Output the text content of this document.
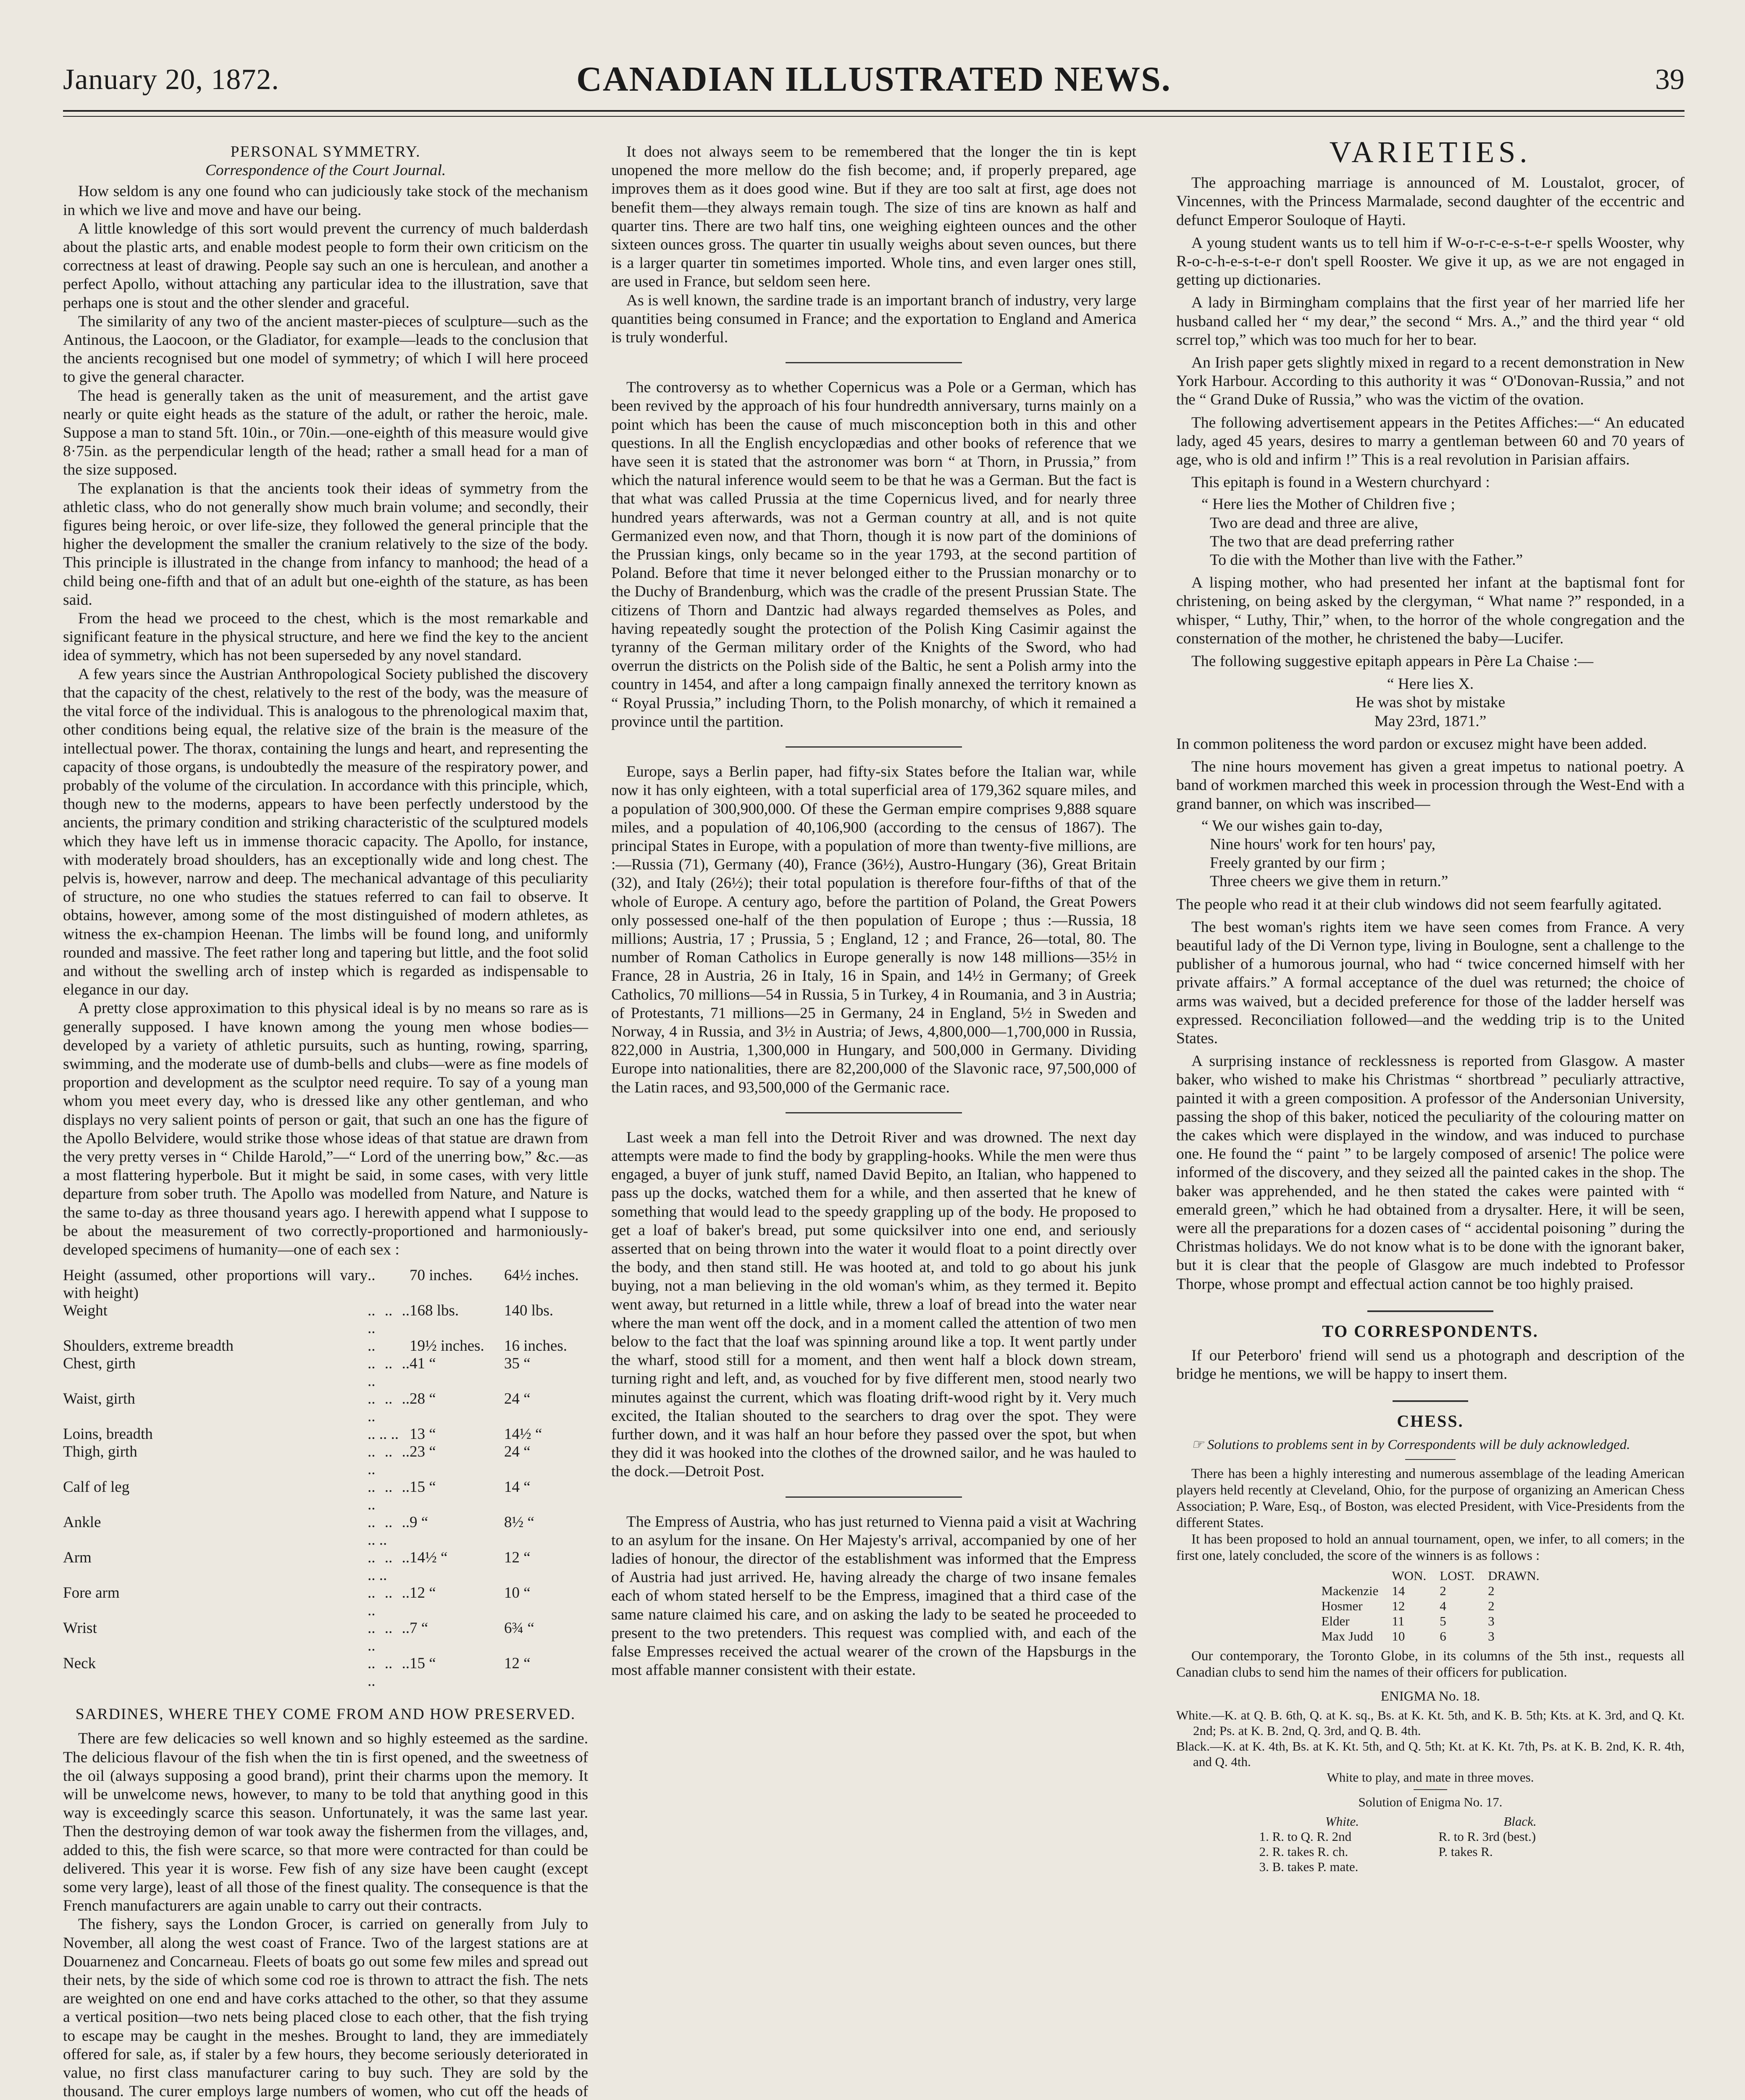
January 20, 1872.	CANADIAN ILLUSTRATED NEWS.	39
PERSONAL SYMMETRY.
Correspondence of the Court Journal.

How seldom is any one found who can judiciously take stock of the mechanism in which we live and move and have our being.

A little knowledge of this sort would prevent the currency of much balderdash about the plastic arts, and enable modest people to form their own criticism on the correctness at least of drawing. People say such an one is herculean, and another a perfect Apollo, without attaching any particular idea to the illustration, save that perhaps one is stout and the other slender and graceful.

The similarity of any two of the ancient master-pieces of sculpture—such as the Antinous, the Laocoon, or the Gladiator, for example—leads to the conclusion that the ancients recognised but one model of symmetry; of which I will here proceed to give the general character.

The head is generally taken as the unit of measurement, and the artist gave nearly or quite eight heads as the stature of the adult, or rather the heroic, male. Suppose a man to stand 5ft. 10in., or 70in.—one-eighth of this measure would give 8·75in. as the perpendicular length of the head; rather a small head for a man of the size supposed.

The explanation is that the ancients took their ideas of symmetry from the athletic class, who do not generally show much brain volume; and secondly, their figures being heroic, or over life-size, they followed the general principle that the higher the development the smaller the cranium relatively to the size of the body. This principle is illustrated in the change from infancy to manhood; the head of a child being one-fifth and that of an adult but one-eighth of the stature, as has been said.

From the head we proceed to the chest, which is the most remarkable and significant feature in the physical structure, and here we find the key to the ancient idea of symmetry, which has not been superseded by any novel standard.

A few years since the Austrian Anthropological Society published the discovery that the capacity of the chest, relatively to the rest of the body, was the measure of the vital force of the individual. This is analogous to the phrenological maxim that, other conditions being equal, the relative size of the brain is the measure of the intellectual power. The thorax, containing the lungs and heart, and representing the capacity of those organs, is undoubtedly the measure of the respiratory power, and probably of the volume of the circulation. In accordance with this principle, which, though new to the moderns, appears to have been perfectly understood by the ancients, the primary condition and striking characteristic of the sculptured models which they have left us in immense thoracic capacity. The Apollo, for instance, with moderately broad shoulders, has an exceptionally wide and long chest. The pelvis is, however, narrow and deep. The mechanical advantage of this peculiarity of structure, no one who studies the statues referred to can fail to observe. It obtains, however, among some of the most distinguished of modern athletes, as witness the ex-champion Heenan. The limbs will be found long, and uniformly rounded and massive. The feet rather long and tapering but little, and the foot solid and without the swelling arch of instep which is regarded as indispensable to elegance in our day.

A pretty close approximation to this physical ideal is by no means so rare as is generally supposed. I have known among the young men whose bodies—developed by a variety of athletic pursuits, such as hunting, rowing, sparring, swimming, and the moderate use of dumb-bells and clubs—were as fine models of proportion and development as the sculptor need require. To say of a young man whom you meet every day, who is dressed like any other gentleman, and who displays no very salient points of person or gait, that such an one has the figure of the Apollo Belvidere, would strike those whose ideas of that statue are drawn from the very pretty verses in “ Childe Harold,”—“ Lord of the unerring bow,” &c.—as a most flattering hyperbole. But it might be said, in some cases, with very little departure from sober truth. The Apollo was modelled from Nature, and Nature is the same to-day as three thousand years ago. I herewith append what I suppose to be about the measurement of two correctly-proportioned and harmoniously-developed specimens of humanity—one of each sex :

Height (assumed, other proportions will vary with height)	..	70 inches.	64½ inches.
Weight	.. .. .. ..	168 lbs.	140 lbs.
Shoulders, extreme breadth	..	19½ inches.	16 inches.
Chest, girth	.. .. .. ..	41 “	35 “
Waist, girth	.. .. .. ..	28 “	24 “
Loins, breadth	.. .. ..	13 “	14½ “
Thigh, girth	.. .. .. ..	23 “	24 “
Calf of leg	.. .. .. ..	15 “	14 “
Ankle	.. .. .. .. ..	9 “	8½ “
Arm	.. .. .. .. ..	14½ “	12 “
Fore arm	.. .. .. ..	12 “	10 “
Wrist	.. .. .. ..	7 “	6¾ “
Neck	.. .. .. ..	15 “	12 “
SARDINES, WHERE THEY COME FROM AND HOW PRESERVED.

There are few delicacies so well known and so highly esteemed as the sardine. The delicious flavour of the fish when the tin is first opened, and the sweetness of the oil (always supposing a good brand), print their charms upon the memory. It will be unwelcome news, however, to many to be told that anything good in this way is exceedingly scarce this season. Unfortunately, it was the same last year. Then the destroying demon of war took away the fishermen from the villages, and, added to this, the fish were scarce, so that more were contracted for than could be delivered. This year it is worse. Few fish of any size have been caught (except some very large), least of all those of the finest quality. The consequence is that the French manufacturers are again unable to carry out their contracts.

The fishery, says the London Grocer, is carried on generally from July to November, all along the west coast of France. Two of the largest stations are at Douarnenez and Concarneau. Fleets of boats go out some few miles and spread out their nets, by the side of which some cod roe is thrown to attract the fish. The nets are weighted on one end and have corks attached to the other, so that they assume a vertical position—two nets being placed close to each other, that the fish trying to escape may be caught in the meshes. Brought to land, they are immediately offered for sale, as, if staler by a few hours, they become seriously deteriorated in value, no first class manufacturer caring to buy such. They are sold by the thousand. The curer employs large numbers of women, who cut off the heads of

It does not always seem to be remembered that the longer the tin is kept unopened the more mellow do the fish become; and, if properly prepared, age improves them as it does good wine. But if they are too salt at first, age does not benefit them—they always remain tough. The size of tins are known as half and quarter tins. There are two half tins, one weighing eighteen ounces and the other sixteen ounces gross. The quarter tin usually weighs about seven ounces, but there is a larger quarter tin sometimes imported. Whole tins, and even larger ones still, are used in France, but seldom seen here.

As is well known, the sardine trade is an important branch of industry, very large quantities being consumed in France; and the exportation to England and America is truly wonderful.

The controversy as to whether Copernicus was a Pole or a German, which has been revived by the approach of his four hundredth anniversary, turns mainly on a point which has been the cause of much misconception both in this and other questions. In all the English encyclopædias and other books of reference that we have seen it is stated that the astronomer was born “ at Thorn, in Prussia,” from which the natural inference would seem to be that he was a German. But the fact is that what was called Prussia at the time Copernicus lived, and for nearly three hundred years afterwards, was not a German country at all, and is not quite Germanized even now, and that Thorn, though it is now part of the dominions of the Prussian kings, only became so in the year 1793, at the second partition of Poland. Before that time it never belonged either to the Prussian monarchy or to the Duchy of Brandenburg, which was the cradle of the present Prussian State. The citizens of Thorn and Dantzic had always regarded themselves as Poles, and having repeatedly sought the protection of the Polish King Casimir against the tyranny of the German military order of the Knights of the Sword, who had overrun the districts on the Polish side of the Baltic, he sent a Polish army into the country in 1454, and after a long campaign finally annexed the territory known as “ Royal Prussia,” including Thorn, to the Polish monarchy, of which it remained a province until the partition.

Europe, says a Berlin paper, had fifty-six States before the Italian war, while now it has only eighteen, with a total superficial area of 179,362 square miles, and a population of 300,900,000. Of these the German empire comprises 9,888 square miles, and a population of 40,106,900 (according to the census of 1867). The principal States in Europe, with a population of more than twenty-five millions, are :—Russia (71), Germany (40), France (36½), Austro-Hungary (36), Great Britain (32), and Italy (26½); their total population is therefore four-fifths of that of the whole of Europe. A century ago, before the partition of Poland, the Great Powers only possessed one-half of the then population of Europe ; thus :—Russia, 18 millions; Austria, 17 ; Prussia, 5 ; England, 12 ; and France, 26—total, 80. The number of Roman Catholics in Europe generally is now 148 millions—35½ in France, 28 in Austria, 26 in Italy, 16 in Spain, and 14½ in Germany; of Greek Catholics, 70 millions—54 in Russia, 5 in Turkey, 4 in Roumania, and 3 in Austria; of Protestants, 71 millions—25 in Germany, 24 in England, 5½ in Sweden and Norway, 4 in Russia, and 3½ in Austria; of Jews, 4,800,000—1,700,000 in Russia, 822,000 in Austria, 1,300,000 in Hungary, and 500,000 in Germany. Dividing Europe into nationalities, there are 82,200,000 of the Slavonic race, 97,500,000 of the Latin races, and 93,500,000 of the Germanic race.

Last week a man fell into the Detroit River and was drowned. The next day attempts were made to find the body by grappling-hooks. While the men were thus engaged, a buyer of junk stuff, named David Bepito, an Italian, who happened to pass up the docks, watched them for a while, and then asserted that he knew of something that would lead to the speedy grappling up of the body. He proposed to get a loaf of baker's bread, put some quicksilver into one end, and seriously asserted that on being thrown into the water it would float to a point directly over the body, and then stand still. He was hooted at, and told to go about his junk buying, not a man believing in the old woman's whim, as they termed it. Bepito went away, but returned in a little while, threw a loaf of bread into the water near where the man went off the dock, and in a moment called the attention of two men below to the fact that the loaf was spinning around like a top. It went partly under the wharf, stood still for a moment, and then went half a block down stream, turning right and left, and, as vouched for by five different men, stood nearly two minutes against the current, which was floating drift-wood right by it. Very much excited, the Italian shouted to the searchers to drag over the spot. They were further down, and it was half an hour before they passed over the spot, but when they did it was hooked into the clothes of the drowned sailor, and he was hauled to the dock.—Detroit Post.

The Empress of Austria, who has just returned to Vienna paid a visit at Wachring to an asylum for the insane. On Her Majesty's arrival, accompanied by one of her ladies of honour, the director of the establishment was informed that the Empress of Austria had just arrived. He, having already the charge of two insane females each of whom stated herself to be the Empress, imagined that a third case of the same nature claimed his care, and on asking the lady to be seated he proceeded to present to the two pretenders. This request was complied with, and each of the false Empresses received the actual wearer of the crown of the Hapsburgs in the most affable manner consistent with their estate.

VARIETIES.

The approaching marriage is announced of M. Loustalot, grocer, of Vincennes, with the Princess Marmalade, second daughter of the eccentric and defunct Emperor Souloque of Hayti.

A young student wants us to tell him if W-o-r-c-e-s-t-e-r spells Wooster, why R-o-c-h-e-s-t-e-r don't spell Rooster. We give it up, as we are not engaged in getting up dictionaries.

A lady in Birmingham complains that the first year of her married life her husband called her “ my dear,” the second “ Mrs. A.,” and the third year “ old scrrel top,” which was too much for her to bear.

An Irish paper gets slightly mixed in regard to a recent demonstration in New York Harbour. According to this authority it was “ O'Donovan-Russia,” and not the “ Grand Duke of Russia,” who was the victim of the ovation.

The following advertisement appears in the Petites Affiches:—“ An educated lady, aged 45 years, desires to marry a gentleman between 60 and 70 years of age, who is old and infirm !” This is a real revolution in Parisian affairs.

This epitaph is found in a Western churchyard :

“ Here lies the Mother of Children five ;
Two are dead and three are alive,
The two that are dead preferring rather
To die with the Mother than live with the Father.”

A lisping mother, who had presented her infant at the baptismal font for christening, on being asked by the clergyman, “ What name ?” responded, in a whisper, “ Luthy, Thir,” when, to the horror of the whole congregation and the consternation of the mother, he christened the baby—Lucifer.

The following suggestive epitaph appears in Père La Chaise :—

“ Here lies X.
He was shot by mistake
May 23rd, 1871.”

In common politeness the word pardon or excusez might have been added.

The nine hours movement has given a great impetus to national poetry. A band of workmen marched this week in procession through the West-End with a grand banner, on which was inscribed—

“ We our wishes gain to-day,
Nine hours' work for ten hours' pay,
Freely granted by our firm ;
Three cheers we give them in return.”

The people who read it at their club windows did not seem fearfully agitated.

The best woman's rights item we have seen comes from France. A very beautiful lady of the Di Vernon type, living in Boulogne, sent a challenge to the publisher of a humorous journal, who had “ twice concerned himself with her private affairs.” A formal acceptance of the duel was returned; the choice of arms was waived, but a decided preference for those of the ladder herself was expressed. Reconciliation followed—and the wedding trip is to the United States.

A surprising instance of recklessness is reported from Glasgow. A master baker, who wished to make his Christmas “ shortbread ” peculiarly attractive, painted it with a green composition. A professor of the Andersonian University, passing the shop of this baker, noticed the peculiarity of the colouring matter on the cakes which were displayed in the window, and was induced to purchase one. He found the “ paint ” to be largely composed of arsenic! The police were informed of the discovery, and they seized all the painted cakes in the shop. The baker was apprehended, and he then stated the cakes were painted with “ emerald green,” which he had obtained from a drysalter. Here, it will be seen, were all the preparations for a dozen cases of “ accidental poisoning ” during the Christmas holidays. We do not know what is to be done with the ignorant baker, but it is clear that the people of Glasgow are much indebted to Professor Thorpe, whose prompt and effectual action cannot be too highly praised.

TO CORRESPONDENTS.

If our Peterboro' friend will send us a photograph and description of the bridge he mentions, we will be happy to insert them.

CHESS.

☞ Solutions to problems sent in by Correspondents will be duly acknowledged.

There has been a highly interesting and numerous assemblage of the leading American players held recently at Cleveland, Ohio, for the purpose of organizing an American Chess Association; P. Ware, Esq., of Boston, was elected President, with Vice-Presidents from the different States.

It has been proposed to hold an annual tournament, open, we infer, to all comers; in the first one, lately concluded, the score of the winners is as follows :

	WON.	LOST.	DRAWN.
Mackenzie	14	2	2
Hosmer	12	4	2
Elder	11	5	3
Max Judd	10	6	3

Our contemporary, the Toronto Globe, in its columns of the 5th inst., requests all Canadian clubs to send him the names of their officers for publication.

ENIGMA No. 18.
White.—K. at Q. B. 6th, Q. at K. sq., Bs. at K. Kt. 5th, and K. B. 5th; Kts. at K. 3rd, and Q. Kt. 2nd; Ps. at K. B. 2nd, Q. 3rd, and Q. B. 4th.
Black.—K. at K. 4th, Bs. at K. Kt. 5th, and Q. 5th; Kt. at K. Kt. 7th, Ps. at K. B. 2nd, K. R. 4th, and Q. 4th.
White to play, and mate in three moves.
Solution of Enigma No. 17.
White.	Black.
1. R. to Q. R. 2nd	R. to R. 3rd (best.)
2. R. takes R. ch.	P. takes R.
3. B. takes P. mate.	
